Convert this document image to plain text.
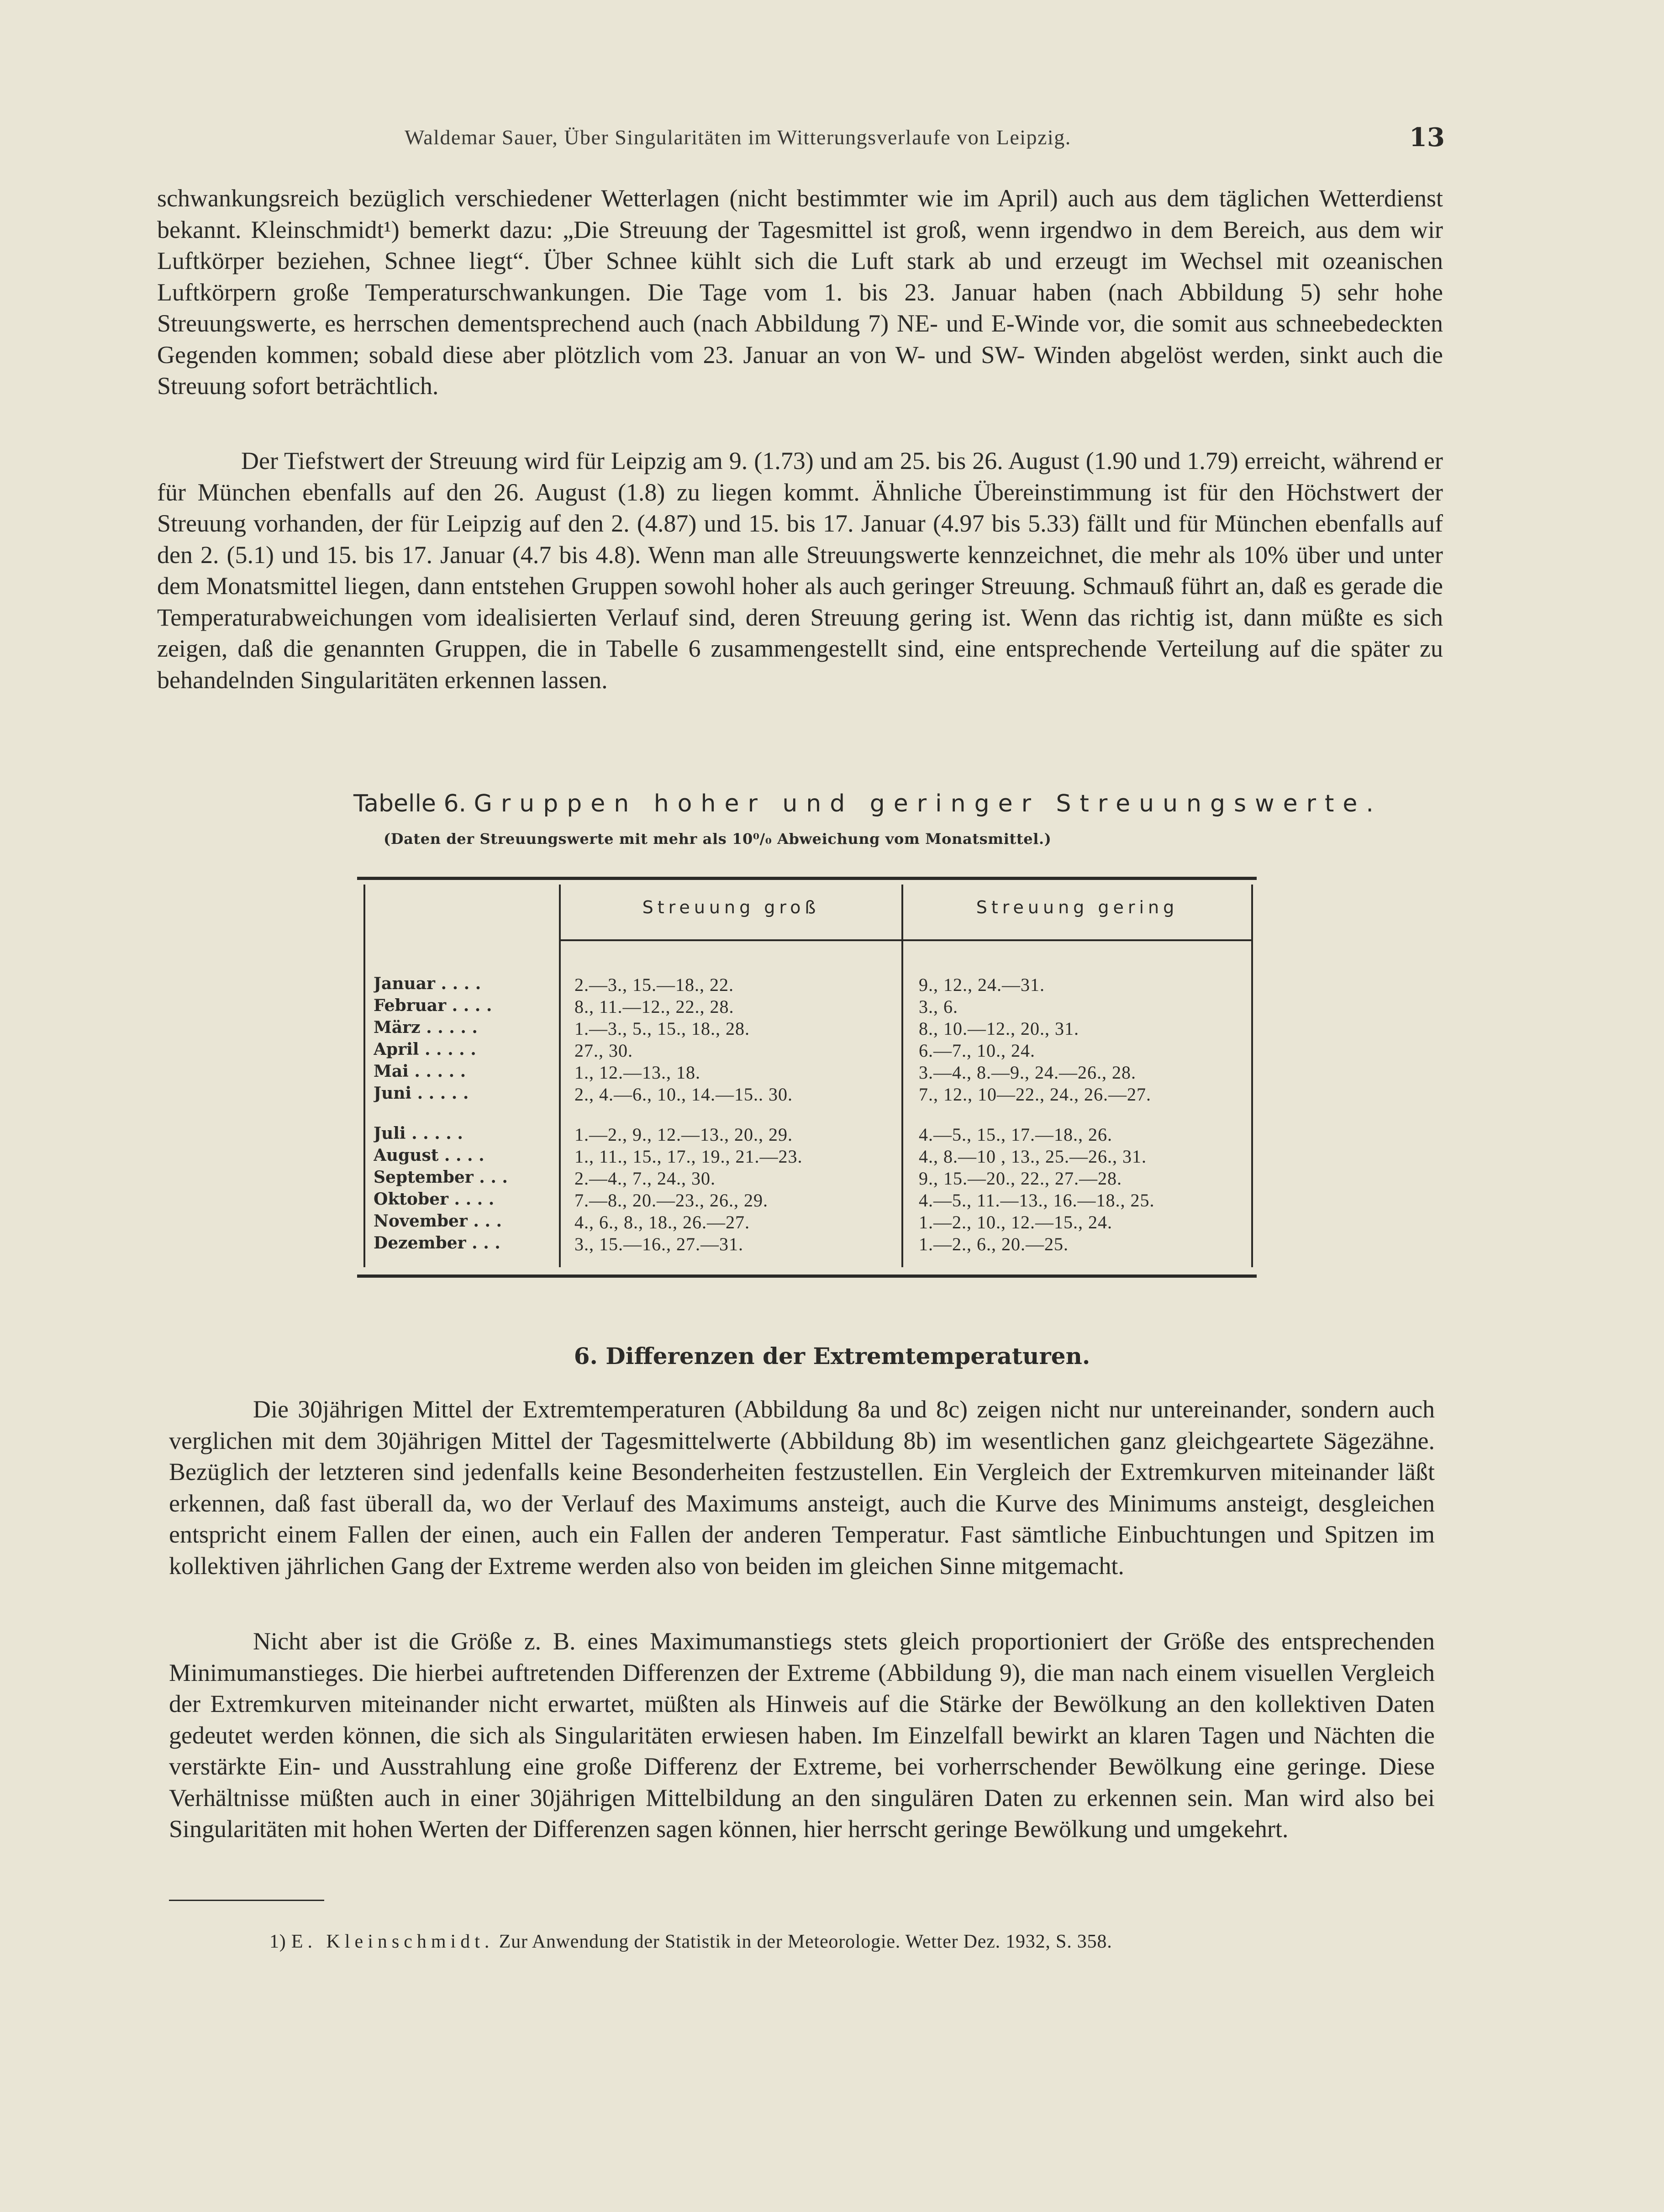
Waldemar Sauer, Über Singularitäten im Witterungsverlaufe von Leipzig.	13

schwankungsreich bezüglich verschiedener Wetterlagen (nicht bestimmter wie im April) auch aus dem täglichen Wetterdienst bekannt. Kleinschmidt¹) bemerkt dazu: „Die Streuung der Tagesmittel ist groß, wenn irgendwo in dem Bereich, aus dem wir Luftkörper beziehen, Schnee liegt“. Über Schnee kühlt sich die Luft stark ab und erzeugt im Wechsel mit ozeanischen Luftkörpern große Temperaturschwankungen. Die Tage vom 1. bis 23. Januar haben (nach Abbildung 5) sehr hohe Streuungswerte, es herrschen dementsprechend auch (nach Abbildung 7) NE- und E-Winde vor, die somit aus schneebedeckten Gegenden kommen; sobald diese aber plötzlich vom 23. Januar an von W- und SW- Winden abgelöst werden, sinkt auch die Streuung sofort beträchtlich.

Der Tiefstwert der Streuung wird für Leipzig am 9. (1.73) und am 25. bis 26. August (1.90 und 1.79) erreicht, während er für München ebenfalls auf den 26. August (1.8) zu liegen kommt. Ähnliche Übereinstimmung ist für den Höchstwert der Streuung vorhanden, der für Leipzig auf den 2. (4.87) und 15. bis 17. Januar (4.97 bis 5.33) fällt und für München ebenfalls auf den 2. (5.1) und 15. bis 17. Januar (4.7 bis 4.8). Wenn man alle Streuungswerte kennzeichnet, die mehr als 10% über und unter dem Monatsmittel liegen, dann entstehen Gruppen sowohl hoher als auch geringer Streuung. Schmauß führt an, daß es gerade die Temperaturabweichungen vom idealisierten Verlauf sind, deren Streuung gering ist. Wenn das richtig ist, dann müßte es sich zeigen, daß die genannten Gruppen, die in Tabelle 6 zusammengestellt sind, eine entsprechende Verteilung auf die später zu behandelnden Singularitäten erkennen lassen.

Tabelle 6. Gruppen hoher und geringer Streuungswerte.
(Daten der Streuungswerte mit mehr als 10⁰/₀ Abweichung vom Monatsmittel.)
Streuung groß	Streuung gering
Januar . . . .	2.—3., 15.—18., 22.	9., 12., 24.—31.
Februar . . . .	8., 11.—12., 22., 28.	3., 6.
März . . . . .	1.—3., 5., 15., 18., 28.	8., 10.—12., 20., 31.
April . . . . .	27., 30.	6.—7., 10., 24.
Mai . . . . .	1., 12.—13., 18.	3.—4., 8.—9., 24.—26., 28.
Juni . . . . .	2., 4.—6., 10., 14.—15.. 30.	7., 12., 10—22., 24., 26.—27.
Juli . . . . .	1.—2., 9., 12.—13., 20., 29.	4.—5., 15., 17.—18., 26.
August . . . .	1., 11., 15., 17., 19., 21.—23.	4., 8.—10 , 13., 25.—26., 31.
September . . .	2.—4., 7., 24., 30.	9., 15.—20., 22., 27.—28.
Oktober . . . .	7.—8., 20.—23., 26., 29.	4.—5., 11.—13., 16.—18., 25.
November . . .	4., 6., 8., 18., 26.—27.	1.—2., 10., 12.—15., 24.
Dezember . . .	3., 15.—16., 27.—31.	1.—2., 6., 20.—25.
6. Differenzen der Extremtemperaturen.

Die 30jährigen Mittel der Extremtemperaturen (Abbildung 8a und 8c) zeigen nicht nur untereinander, sondern auch verglichen mit dem 30jährigen Mittel der Tagesmittelwerte (Abbildung 8b) im wesentlichen ganz gleichgeartete Sägezähne. Bezüglich der letzteren sind jedenfalls keine Besonderheiten festzustellen. Ein Vergleich der Extremkurven miteinander läßt erkennen, daß fast überall da, wo der Verlauf des Maximums ansteigt, auch die Kurve des Minimums ansteigt, desgleichen entspricht einem Fallen der einen, auch ein Fallen der anderen Temperatur. Fast sämtliche Einbuchtungen und Spitzen im kollektiven jährlichen Gang der Extreme werden also von beiden im gleichen Sinne mitgemacht.

Nicht aber ist die Größe z. B. eines Maximumanstiegs stets gleich proportioniert der Größe des entsprechenden Minimumanstieges. Die hierbei auftretenden Differenzen der Extreme (Abbildung 9), die man nach einem visuellen Vergleich der Extremkurven miteinander nicht erwartet, müßten als Hinweis auf die Stärke der Bewölkung an den kollektiven Daten gedeutet werden können, die sich als Singularitäten erwiesen haben. Im Einzelfall bewirkt an klaren Tagen und Nächten die verstärkte Ein- und Ausstrahlung eine große Differenz der Extreme, bei vorherrschender Bewölkung eine geringe. Diese Verhältnisse müßten auch in einer 30jährigen Mittelbildung an den singulären Daten zu erkennen sein. Man wird also bei Singularitäten mit hohen Werten der Differenzen sagen können, hier herrscht geringe Bewölkung und umgekehrt.

1) E. Kleinschmidt. Zur Anwendung der Statistik in der Meteorologie. Wetter Dez. 1932, S. 358.
